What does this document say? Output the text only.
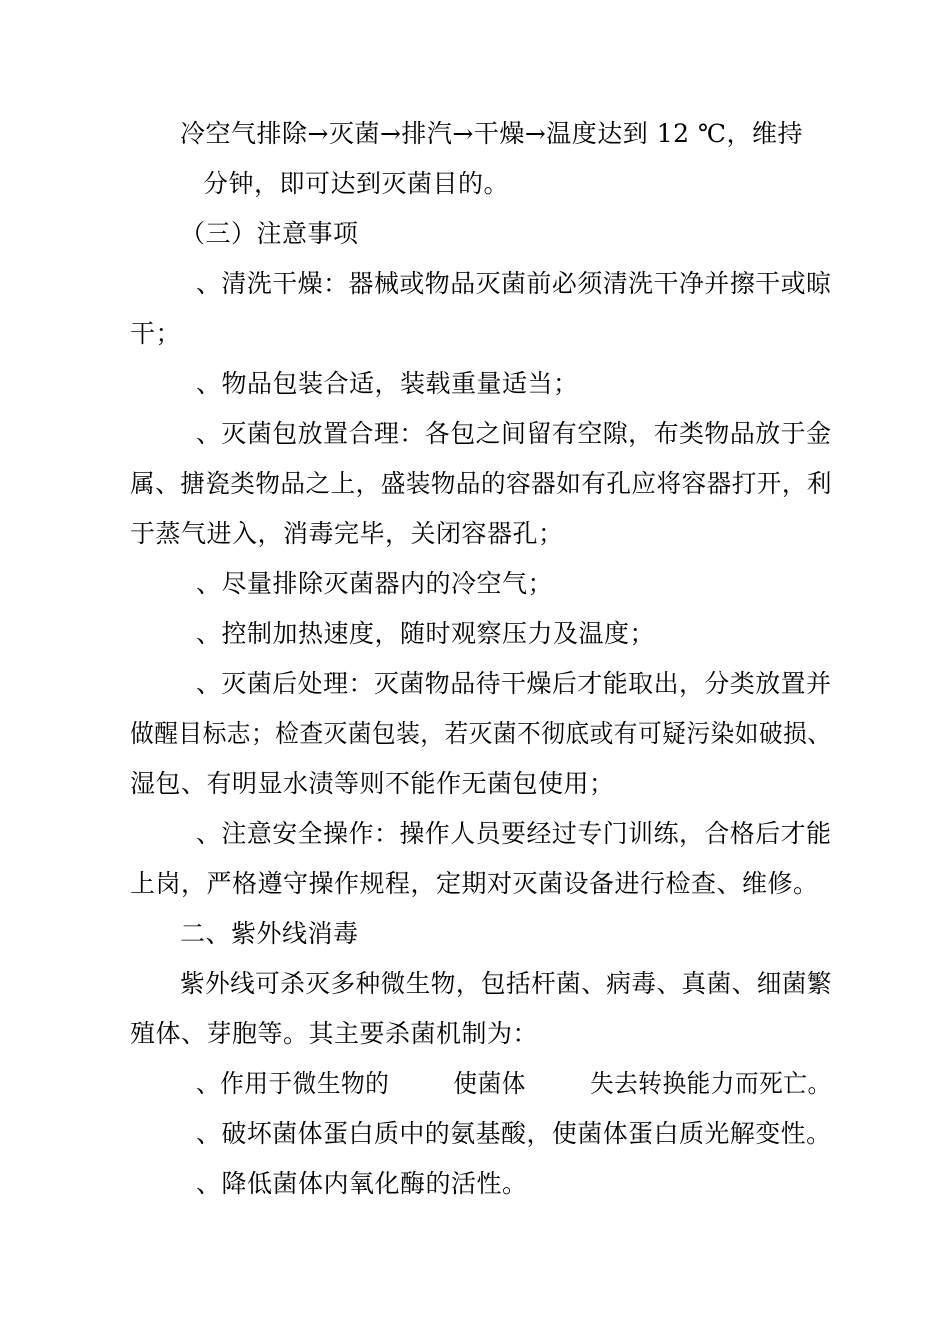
冷空气排除→灭菌→排汽→干燥→温度达到 12 ℃，维持
分钟，即可达到灭菌目的。
（三）注意事项
、清洗干燥：器械或物品灭菌前必须清洗干净并擦干或晾
干；
、物品包装合适，装载重量适当；
、灭菌包放置合理：各包之间留有空隙，布类物品放于金
属、搪瓷类物品之上，盛装物品的容器如有孔应将容器打开，利
于蒸气进入，消毒完毕，关闭容器孔；
、尽量排除灭菌器内的冷空气；
、控制加热速度，随时观察压力及温度；
、灭菌后处理：灭菌物品待干燥后才能取出，分类放置并
做醒目标志；检查灭菌包装，若灭菌不彻底或有可疑污染如破损、
湿包、有明显水渍等则不能作无菌包使用；
、注意安全操作：操作人员要经过专门训练，合格后才能
上岗，严格遵守操作规程，定期对灭菌设备进行检查、维修。
二、紫外线消毒
紫外线可杀灭多种微生物，包括杆菌、病毒、真菌、细菌繁
殖体、芽胞等。其主要杀菌机制为：
、作用于微生物的        使菌体        失去转换能力而死亡。
、破坏菌体蛋白质中的氨基酸，使菌体蛋白质光解变性。
、降低菌体内氧化酶的活性。
